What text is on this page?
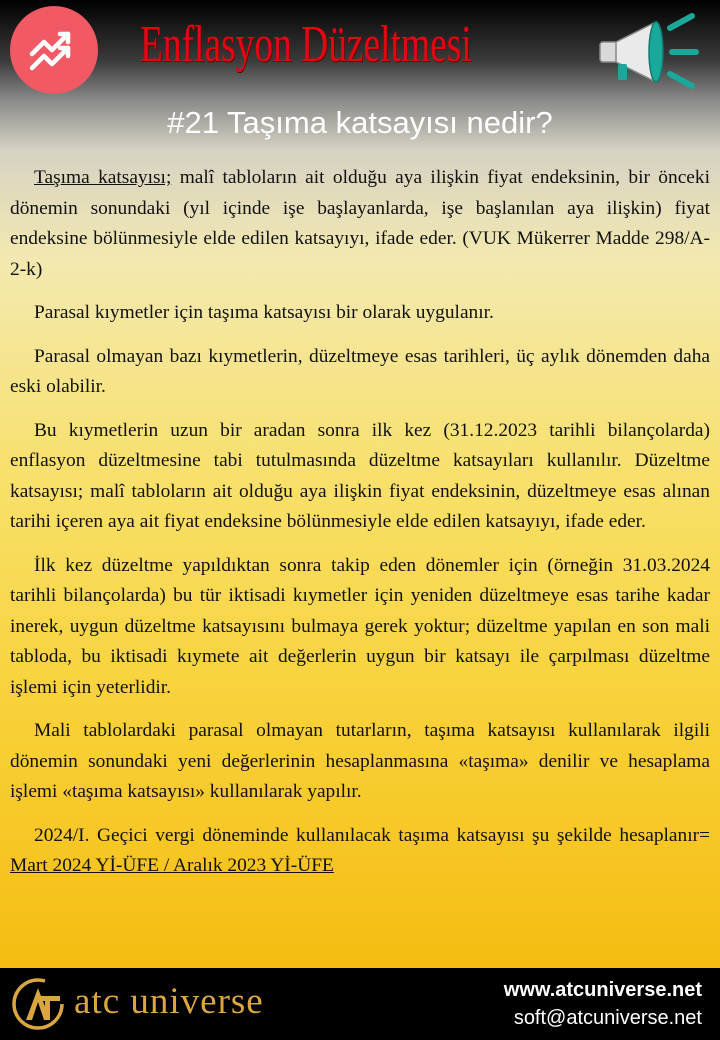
Enflasyon Düzeltmesi
#21 Taşıma katsayısı nedir?

Taşıma katsayısı; malî tabloların ait olduğu aya ilişkin fiyat endeksinin, bir önceki dönemin sonundaki (yıl içinde işe başlayanlarda, işe başlanılan aya ilişkin) fiyat endeksine bölünmesiyle elde edilen katsayıyı, ifade eder. (VUK Mükerrer Madde 298/A-2-k)

Parasal kıymetler için taşıma katsayısı bir olarak uygulanır.

Parasal olmayan bazı kıymetlerin, düzeltmeye esas tarihleri, üç aylık dönemden daha eski olabilir.

Bu kıymetlerin uzun bir aradan sonra ilk kez (31.12.2023 tarihli bilançolarda) enflasyon düzeltmesine tabi tutulmasında düzeltme katsayıları kullanılır. Düzeltme katsayısı; malî tabloların ait olduğu aya ilişkin fiyat endeksinin, düzeltmeye esas alınan tarihi içeren aya ait fiyat endeksine bölünmesiyle elde edilen katsayıyı, ifade eder.

İlk kez düzeltme yapıldıktan sonra takip eden dönemler için (örneğin 31.03.2024 tarihli bilançolarda) bu tür iktisadi kıymetler için yeniden düzeltmeye esas tarihe kadar inerek, uygun düzeltme katsayısını bulmaya gerek yoktur; düzeltme yapılan en son mali tabloda, bu iktisadi kıymete ait değerlerin uygun bir katsayı ile çarpılması düzeltme işlemi için yeterlidir.

Mali tablolardaki parasal olmayan tutarların, taşıma katsayısı kullanılarak ilgili dönemin sonundaki yeni değerlerinin hesaplanmasına «taşıma» denilir ve hesaplama işlemi «taşıma katsayısı» kullanılarak yapılır.

2024/I. Geçici vergi döneminde kullanılacak taşıma katsayısı şu şekilde hesaplanır= Mart 2024 Yİ-ÜFE / Aralık 2023 Yİ-ÜFE

atc universe	www.atcuniverse.net
soft@atcuniverse.net
